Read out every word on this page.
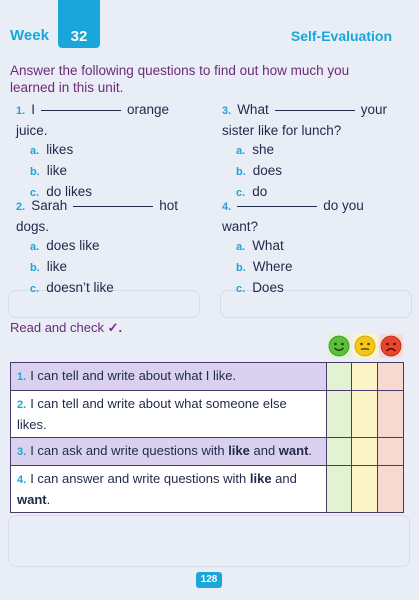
Week	32	Self-Evaluation
Answer the following questions to find out how much you learned in this unit.
1. I	orange
juice.
a. likes
b. like
c. do likes
2. Sarah	hot
dogs.
a. does like
b. like
c. doesn’t like
3. What	your
sister like for lunch?
a. she
b. does
c. do
4.	do you
want?
a. What
b. Where
c. Does
Read and check ✓.
1. I can tell and write about what I like.			
2. I can tell and write about what someone else likes.			
3. I can ask and write questions with like and want.			
4. I can answer and write questions with like and want.			
128
